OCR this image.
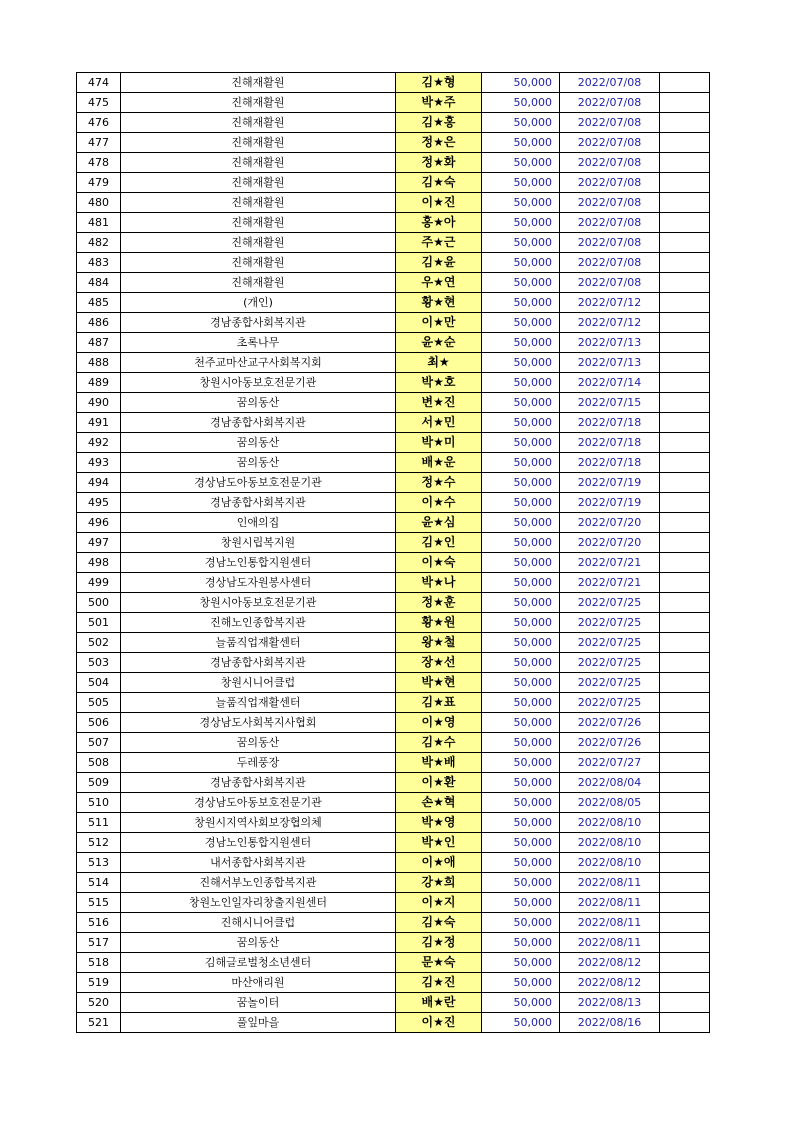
474	진해재활원	김★형	50,000	2022/07/08	
475	진해재활원	박★주	50,000	2022/07/08	
476	진해재활원	김★홍	50,000	2022/07/08	
477	진해재활원	정★은	50,000	2022/07/08	
478	진해재활원	정★화	50,000	2022/07/08	
479	진해재활원	김★숙	50,000	2022/07/08	
480	진해재활원	이★진	50,000	2022/07/08	
481	진해재활원	홍★아	50,000	2022/07/08	
482	진해재활원	주★근	50,000	2022/07/08	
483	진해재활원	김★윤	50,000	2022/07/08	
484	진해재활원	우★연	50,000	2022/07/08	
485	(개인)	황★현	50,000	2022/07/12	
486	경남종합사회복지관	이★만	50,000	2022/07/12	
487	초록나무	윤★순	50,000	2022/07/13	
488	천주교마산교구사회복지회	최★	50,000	2022/07/13	
489	창원시아동보호전문기관	박★호	50,000	2022/07/14	
490	꿈의동산	변★진	50,000	2022/07/15	
491	경남종합사회복지관	서★민	50,000	2022/07/18	
492	꿈의동산	박★미	50,000	2022/07/18	
493	꿈의동산	배★운	50,000	2022/07/18	
494	경상남도아동보호전문기관	정★수	50,000	2022/07/19	
495	경남종합사회복지관	이★수	50,000	2022/07/19	
496	인애의집	윤★심	50,000	2022/07/20	
497	창원시립복지원	김★인	50,000	2022/07/20	
498	경남노인통합지원센터	이★숙	50,000	2022/07/21	
499	경상남도자원봉사센터	박★나	50,000	2022/07/21	
500	창원시아동보호전문기관	정★훈	50,000	2022/07/25	
501	진해노인종합복지관	황★원	50,000	2022/07/25	
502	늘품직업재활센터	왕★철	50,000	2022/07/25	
503	경남종합사회복지관	장★선	50,000	2022/07/25	
504	창원시니어클럽	박★현	50,000	2022/07/25	
505	늘품직업재활센터	김★표	50,000	2022/07/25	
506	경상남도사회복지사협회	이★영	50,000	2022/07/26	
507	꿈의동산	김★수	50,000	2022/07/26	
508	두레풍장	박★배	50,000	2022/07/27	
509	경남종합사회복지관	이★환	50,000	2022/08/04	
510	경상남도아동보호전문기관	손★혁	50,000	2022/08/05	
511	창원시지역사회보장협의체	박★영	50,000	2022/08/10	
512	경남노인통합지원센터	박★인	50,000	2022/08/10	
513	내서종합사회복지관	이★애	50,000	2022/08/10	
514	진해서부노인종합복지관	강★희	50,000	2022/08/11	
515	창원노인일자리창출지원센터	이★지	50,000	2022/08/11	
516	진해시니어클럽	김★숙	50,000	2022/08/11	
517	꿈의동산	김★정	50,000	2022/08/11	
518	김해글로벌청소년센터	문★숙	50,000	2022/08/12	
519	마산애리원	김★진	50,000	2022/08/12	
520	꿈놀이터	배★란	50,000	2022/08/13	
521	풀잎마을	이★진	50,000	2022/08/16	
